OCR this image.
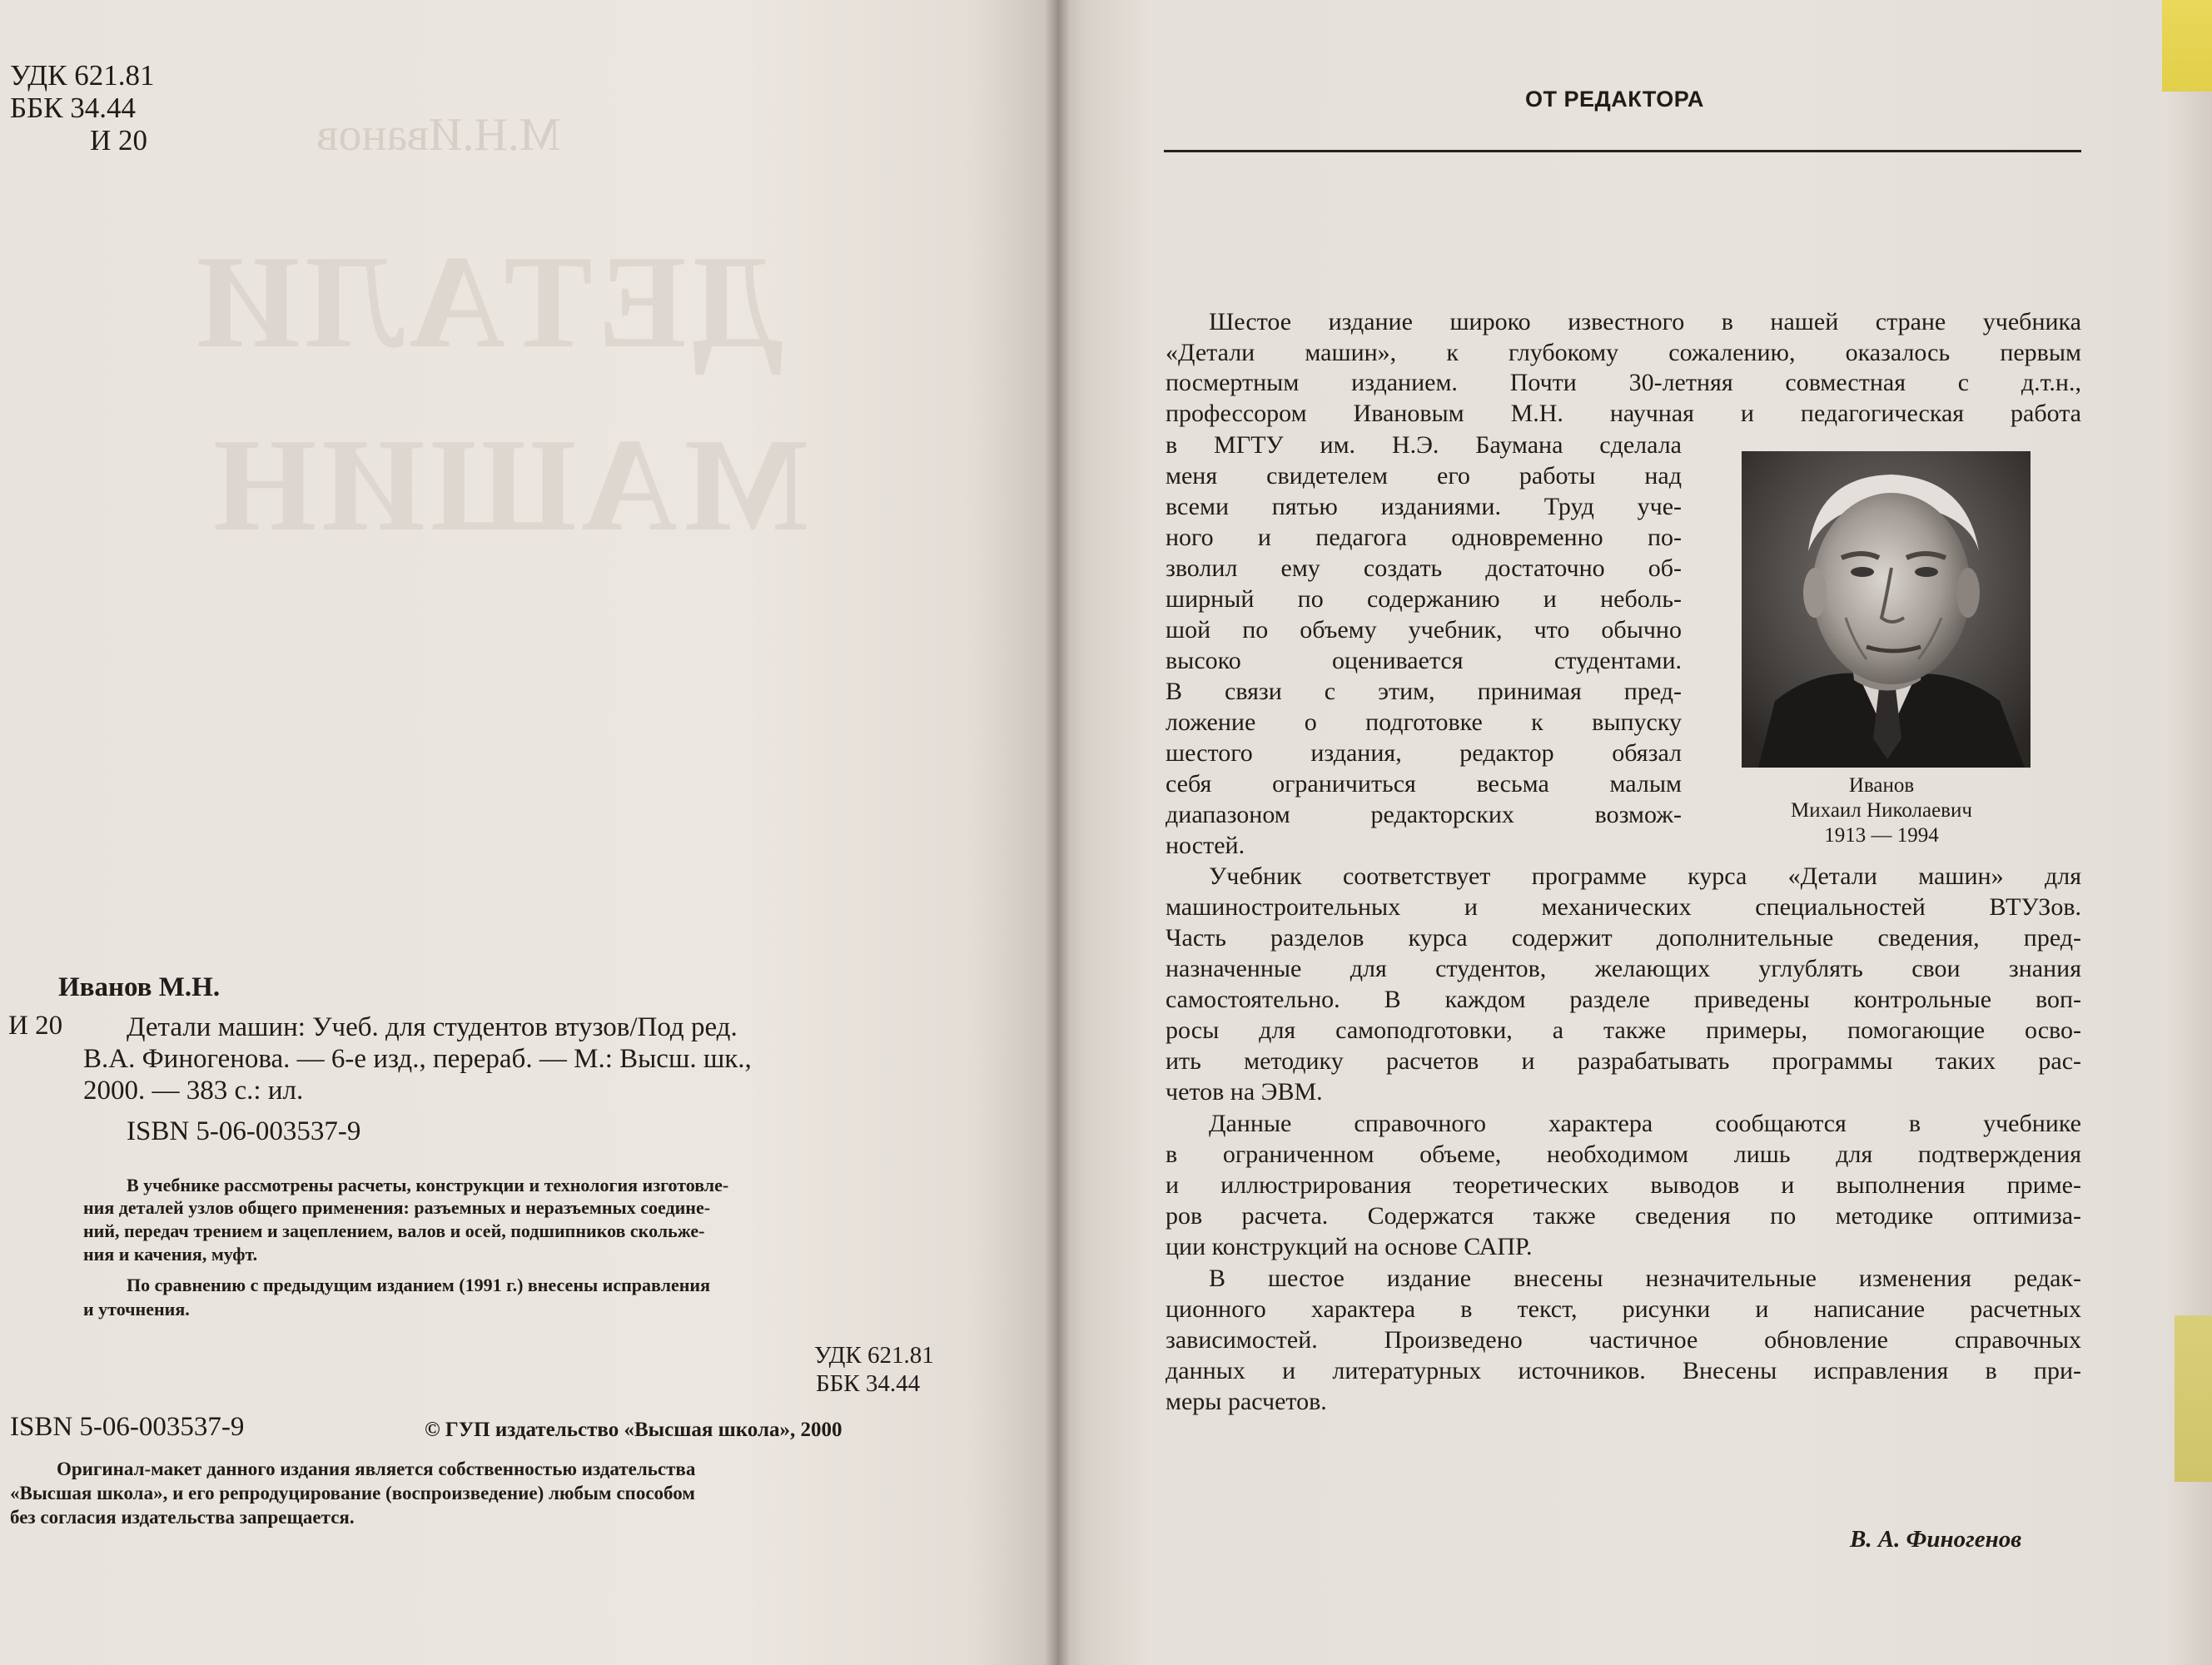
М.Н.Иванов
ДЕТАЛИ
МАШИН
УДК 621.81
ББК 34.44
И 20
Иванов М.Н.
И 20 Детали машин: Учеб. для студентов втузов/Под ред.
В.А. Финогенова. — 6-е изд., перераб. — М.: Высш. шк.,
2000. — 383 с.: ил.
ISBN 5-06-003537-9
В учебнике рассмотрены расчеты, конструкции и технология изготовле-
ния деталей узлов общего применения: разъемных и неразъемных соедине-
ний, передач трением и зацеплением, валов и осей, подшипников скольже-
ния и качения, муфт.
По сравнению с предыдущим изданием (1991 г.) внесены исправления
и уточнения.
УДК 621.81
ББК 34.44
ISBN 5-06-003537-9	© ГУП издательство «Высшая школа», 2000
Оригинал-макет данного издания является собственностью издательства
«Высшая школа», и его репродуцирование (воспроизведение) любым способом
без согласия издательства запрещается.
ОТ РЕДАКТОРА
Шестое издание широко известного в нашей стране учебника
«Детали машин», к глубокому сожалению, оказалось первым
посмертным изданием. Почти 30-летняя совместная с д.т.н.,
профессором Ивановым М.Н. научная и педагогическая работа
в МГТУ им. Н.Э. Баумана сделала
меня свидетелем его работы над
всеми пятью изданиями. Труд уче-
ного и педагога одновременно по-
зволил ему создать достаточно об-
ширный по содержанию и неболь-
шой по объему учебник, что обычно
высоко оценивается студентами.
В связи с этим, принимая пред-
ложение о подготовке к выпуску
шестого издания, редактор обязал
себя ограничиться весьма малым
диапазоном редакторских возмож-
ностей.
Иванов
Михаил Николаевич
1913 — 1994
Учебник соответствует программе курса «Детали машин» для
машиностроительных и механических специальностей ВТУЗов.
Часть разделов курса содержит дополнительные сведения, пред-
назначенные для студентов, желающих углублять свои знания
самостоятельно. В каждом разделе приведены контрольные воп-
росы для самоподготовки, а также примеры, помогающие осво-
ить методику расчетов и разрабатывать программы таких рас-
четов на ЭВМ.
Данные справочного характера сообщаются в учебнике
в ограниченном объеме, необходимом лишь для подтверждения
и иллюстрирования теоретических выводов и выполнения приме-
ров расчета. Содержатся также сведения по методике оптимиза-
ции конструкций на основе САПР.
В шестое издание внесены незначительные изменения редак-
ционного характера в текст, рисунки и написание расчетных
зависимостей. Произведено частичное обновление справочных
данных и литературных источников. Внесены исправления в при-
меры расчетов.
В. А. Финогенов
